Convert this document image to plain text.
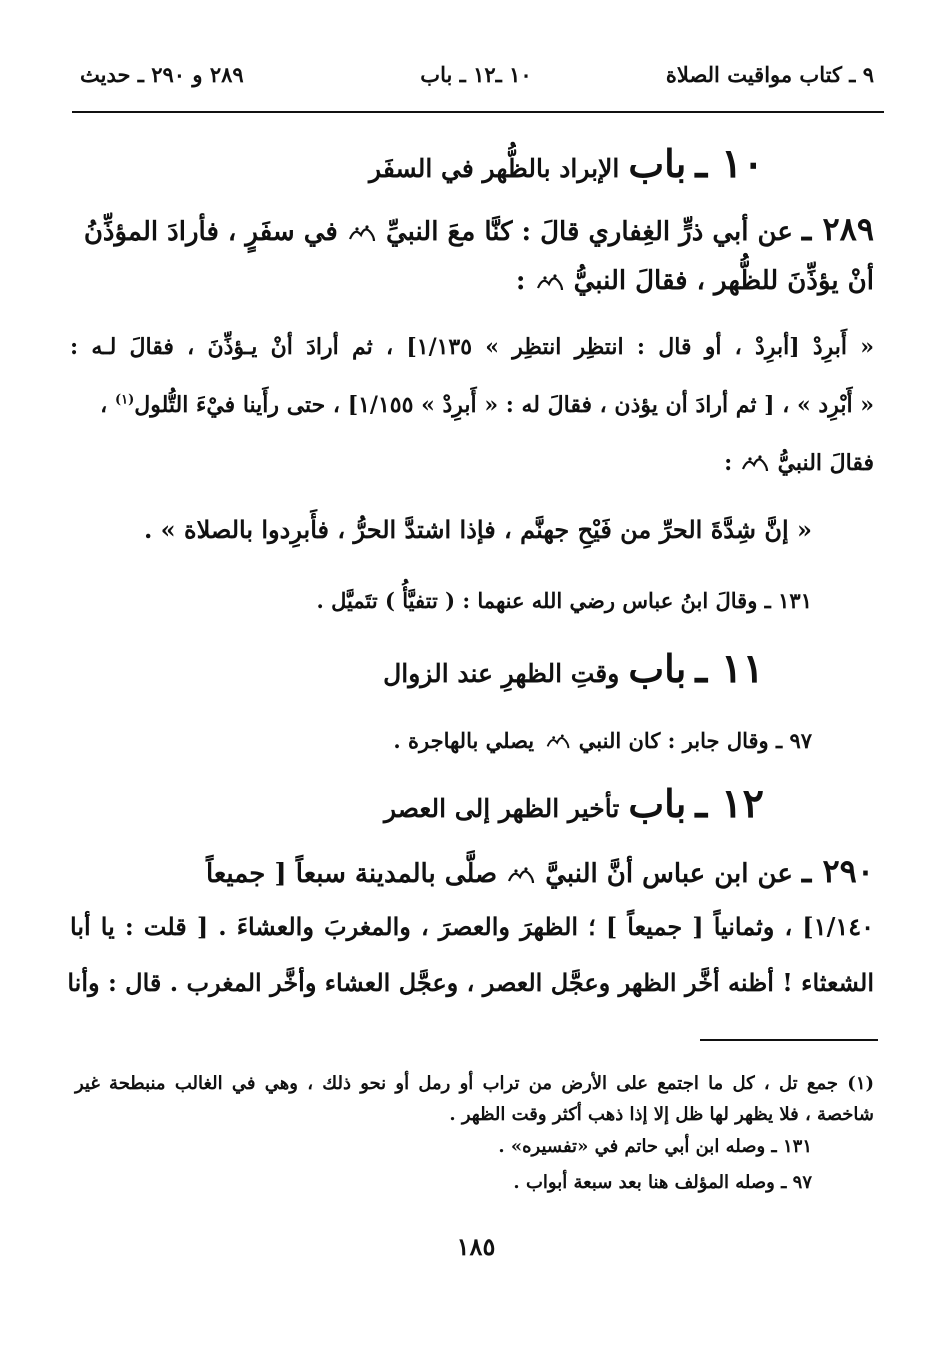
٩ ـ كتاب مواقيت الصلاة
١٠ ـ١٢ ـ باب
٢٨٩ و ٢٩٠ ـ حديث
١٠ ـ باب الإبراد بالظُّهر في السفَر
٢٨٩ ـ عن أبي ذرٍّ الغِفاري قالَ : كنَّا معَ النبيِّ  في سفَرٍ ، فأرادَ المؤذِّنُ
أنْ يؤذِّنَ للظُّهر ، فقالَ النبيُّ  :
« أَبرِدْ [أبرِدْ ، أو قال : انتظِر انتظِر » ١/١٣٥] ، ثم أرادَ أنْ يـؤذِّنَ ، فقالَ لـه :
« أَبْرِد » ، [ ثم أرادَ أن يؤذن ، فقالَ له : « أَبرِدْ » ١/١٥٥] ، حتى رأَينا فيْءَ التُّلول$^{(١)}$ ،
فقالَ النبيُّ  :
« إنَّ شِدَّةَ الحرِّ من فَيْحِ جهنَّم ، فإذا اشتدَّ الحرُّ ، فأَبرِدوا بالصلاة » .
١٣١ ـ وقالَ ابنُ عباس رضي الله عنهما : ( تتفيَّأُ ) تتَميَّل .
١١ ـ باب وقتِ الظهرِ عند الزوال
٩٧ ـ وقال جابر : كان النبي  يصلي بالهاجرة .
١٢ ـ باب تأخير الظهر إلى العصر
٢٩٠ ـ عن ابن عباس أنَّ النبيَّ  صلَّى بالمدينة سبعاً [ جميعاً
١/١٤٠] ، وثمانياً [ جميعاً ] ؛ الظهرَ والعصرَ ، والمغربَ والعشاءَ . [ قلت : يا أبا
الشعثاء ! أظنه أخَّر الظهر وعجَّل العصر ، وعجَّل العشاء وأخَّر المغرب . قال : وأنا
(١) جمع تل ، كل ما اجتمع على الأرض من تراب أو رمل أو نحو ذلك ، وهي في الغالب منبطحة غير
شاخصة ، فلا يظهر لها ظل إلا إذا ذهب أكثر وقت الظهر .
١٣١ ـ وصله ابن أبي حاتم في «تفسيره» .
٩٧ ـ وصله المؤلف هنا بعد سبعة أبواب .
١٨٥
